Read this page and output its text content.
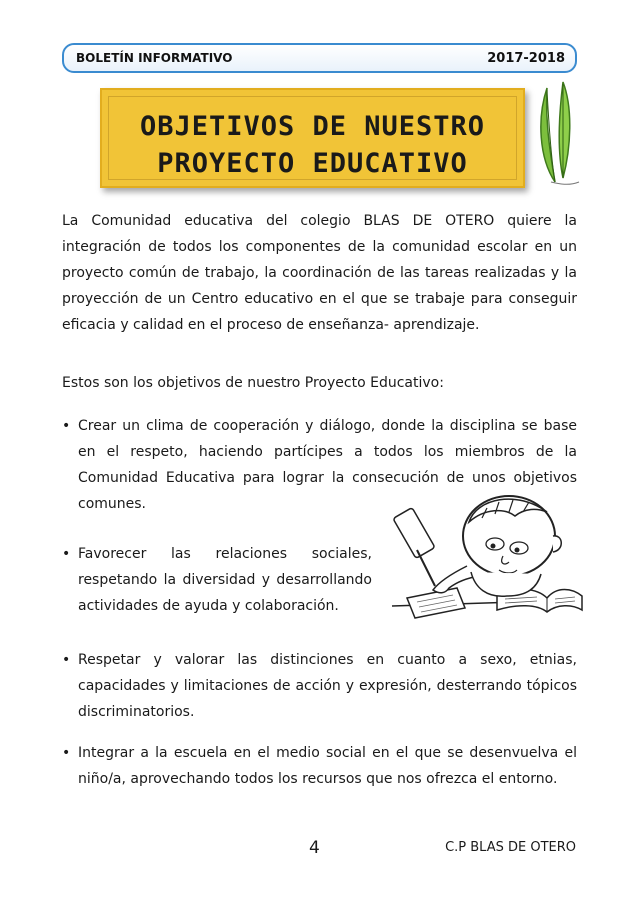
BOLETÍN INFORMATIVO	2017-2018
OBJETIVOS DE NUESTRO
PROYECTO EDUCATIVO
La Comunidad educativa del colegio BLAS DE OTERO quiere la integración de todos los componentes de la comunidad escolar en un proyecto común de trabajo, la coordinación de las tareas realizadas y la proyección de un Centro educativo en el que se trabaje para conseguir eficacia y calidad en el proceso de enseñanza- aprendizaje.
Estos son los objetivos de nuestro Proyecto Educativo:
• Crear un clima de cooperación y diálogo, donde la disciplina se base en el respeto, haciendo partícipes a todos los miembros de la Comunidad Educativa para lograr la consecución de unos objetivos comunes.
• Favorecer las relaciones sociales, respetando la diversidad y desarrollando actividades de ayuda y colaboración.
• Respetar y valorar las distinciones en cuanto a sexo, etnias, capacidades y limitaciones de acción y expresión, desterrando tópicos discriminatorios.
• Integrar a la escuela en el medio social en el que se desenvuelva el niño/a, aprovechando todos los recursos que nos ofrezca el entorno.
4	C.P BLAS DE OTERO
